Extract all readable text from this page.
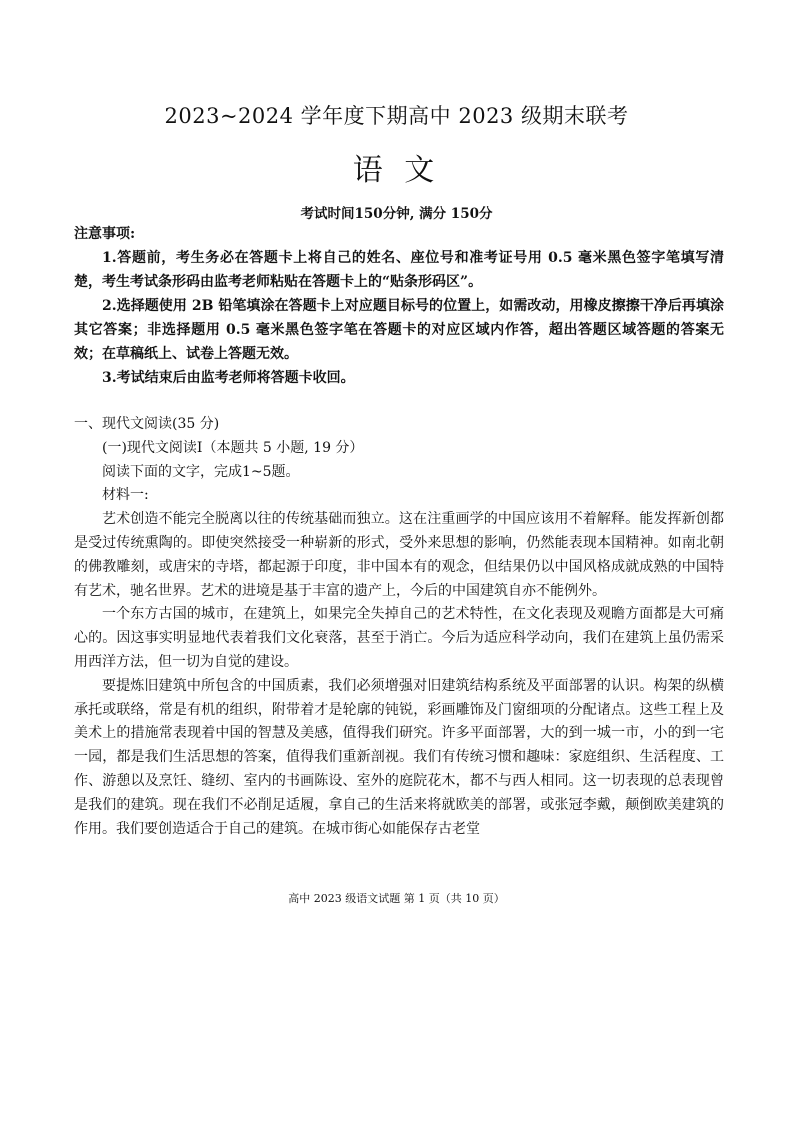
2023~2024 学年度下期高中 2023 级期末联考
语 文
考试时间150分钟, 满分 150分

注意事项:

1.答题前，考生务必在答题卡上将自己的姓名、座位号和准考证号用 0.5 毫米黑色签字笔填写清楚，考生考试条形码由监考老师粘贴在答题卡上的“贴条形码区”。

2.选择题使用 2B 铅笔填涂在答题卡上对应题目标号的位置上，如需改动，用橡皮擦擦干净后再填涂其它答案；非选择题用 0.5 毫米黑色签字笔在答题卡的对应区域内作答，超出答题区域答题的答案无效；在草稿纸上、试卷上答题无效。

3.考试结束后由监考老师将答题卡收回。

一、现代文阅读(35 分)

(一)现代文阅读Ⅰ（本题共 5 小题, 19 分）

阅读下面的文字，完成1~5题。

材料一:

艺术创造不能完全脱离以往的传统基础而独立。这在注重画学的中国应该用不着解释。能发挥新创都是受过传统熏陶的。即使突然接受一种崭新的形式，受外来思想的影响，仍然能表现本国精神。如南北朝的佛教雕刻，或唐宋的寺塔，都起源于印度，非中国本有的观念，但结果仍以中国风格成就成熟的中国特有艺术，驰名世界。艺术的进境是基于丰富的遗产上，今后的中国建筑自亦不能例外。

一个东方古国的城市，在建筑上，如果完全失掉自己的艺术特性，在文化表现及观瞻方面都是大可痛心的。因这事实明显地代表着我们文化衰落，甚至于消亡。今后为适应科学动向，我们在建筑上虽仍需采用西洋方法，但一切为自觉的建设。

要提炼旧建筑中所包含的中国质素，我们必须增强对旧建筑结构系统及平面部署的认识。构架的纵横承托或联络，常是有机的组织，附带着才是轮廓的钝锐，彩画雕饰及门窗细项的分配诸点。这些工程上及美术上的措施常表现着中国的智慧及美感，值得我们研究。许多平面部署，大的到一城一市，小的到一宅一园，都是我们生活思想的答案，值得我们重新剖视。我们有传统习惯和趣味：家庭组织、生活程度、工作、游憩以及烹饪、缝纫、室内的书画陈设、室外的庭院花木，都不与西人相同。这一切表现的总表现曾是我们的建筑。现在我们不必削足适履，拿自己的生活来将就欧美的部署，或张冠李戴，颠倒欧美建筑的作用。我们要创造适合于自己的建筑。在城市街心如能保存古老堂

高中 2023 级语文试题 第 1 页（共 10 页）
